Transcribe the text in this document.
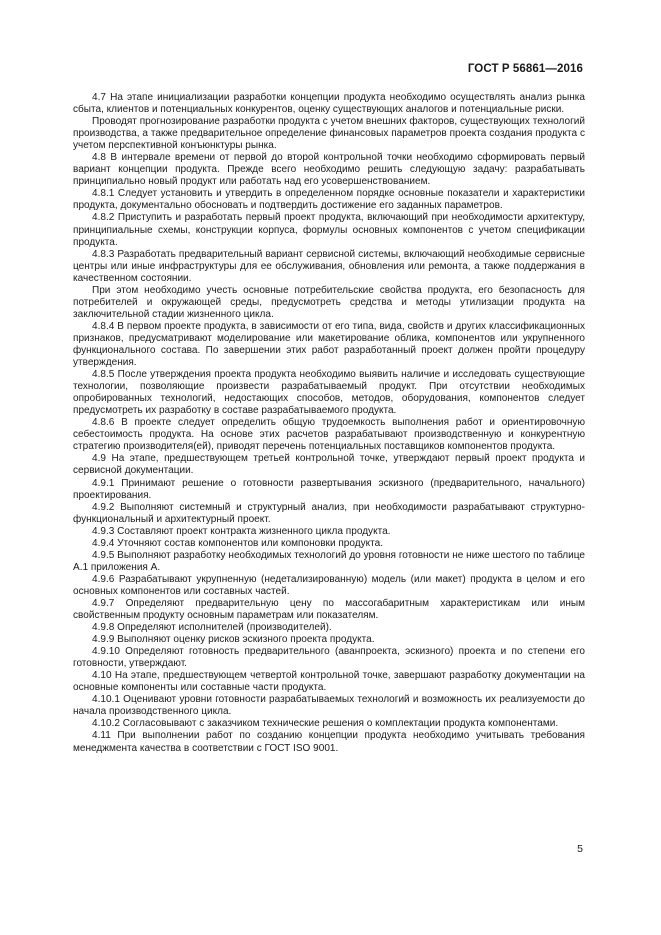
ГОСТ Р 56861—2016

4.7 На этапе инициализации разработки концепции продукта необходимо осуществлять анализ рынка сбыта, клиентов и потенциальных конкурентов, оценку существующих аналогов и потенциальные риски.

Проводят прогнозирование разработки продукта с учетом внешних факторов, существующих технологий производства, а также предварительное определение финансовых параметров проекта создания продукта с учетом перспективной конъюнктуры рынка.

4.8 В интервале времени от первой до второй контрольной точки необходимо сформировать первый вариант концепции продукта. Прежде всего необходимо решить следующую задачу: разрабатывать принципиально новый продукт или работать над его усовершенствованием.

4.8.1 Следует установить и утвердить в определенном порядке основные показатели и характеристики продукта, документально обосновать и подтвердить достижение его заданных параметров.

4.8.2 Приступить и разработать первый проект продукта, включающий при необходимости архитектуру, принципиальные схемы, конструкции корпуса, формулы основных компонентов с учетом спецификации продукта.

4.8.3 Разработать предварительный вариант сервисной системы, включающий необходимые сервисные центры или иные инфраструктуры для ее обслуживания, обновления или ремонта, а также поддержания в качественном состоянии.

При этом необходимо учесть основные потребительские свойства продукта, его безопасность для потребителей и окружающей среды, предусмотреть средства и методы утилизации продукта на заключительной стадии жизненного цикла.

4.8.4 В первом проекте продукта, в зависимости от его типа, вида, свойств и других классификационных признаков, предусматривают моделирование или макетирование облика, компонентов или укрупненного функционального состава. По завершении этих работ разработанный проект должен пройти процедуру утверждения.

4.8.5 После утверждения проекта продукта необходимо выявить наличие и исследовать существующие технологии, позволяющие произвести разрабатываемый продукт. При отсутствии необходимых опробированных технологий, недостающих способов, методов, оборудования, компонентов следует предусмотреть их разработку в составе разрабатываемого продукта.

4.8.6 В проекте следует определить общую трудоемкость выполнения работ и ориентировочную себестоимость продукта. На основе этих расчетов разрабатывают производственную и конкурентную стратегию производителя(ей), приводят перечень потенциальных поставщиков компонентов продукта.

4.9 На этапе, предшествующем третьей контрольной точке, утверждают первый проект продукта и сервисной документации.

4.9.1 Принимают решение о готовности развертывания эскизного (предварительного, начального) проектирования.

4.9.2 Выполняют системный и структурный анализ, при необходимости разрабатывают структурно-функциональный и архитектурный проект.

4.9.3 Составляют проект контракта жизненного цикла продукта.

4.9.4 Уточняют состав компонентов или компоновки продукта.

4.9.5 Выполняют разработку необходимых технологий до уровня готовности не ниже шестого по таблице А.1 приложения А.

4.9.6 Разрабатывают укрупненную (недетализированную) модель (или макет) продукта в целом и его основных компонентов или составных частей.

4.9.7 Определяют предварительную цену по массогабаритным характеристикам или иным свойственным продукту основным параметрам или показателям.

4.9.8 Определяют исполнителей (производителей).

4.9.9 Выполняют оценку рисков эскизного проекта продукта.

4.9.10 Определяют готовность предварительного (аванпроекта, эскизного) проекта и по степени его готовности, утверждают.

4.10 На этапе, предшествующем четвертой контрольной точке, завершают разработку документации на основные компоненты или составные части продукта.

4.10.1 Оценивают уровни готовности разрабатываемых технологий и возможность их реализуемости до начала производственного цикла.

4.10.2 Согласовывают с заказчиком технические решения о комплектации продукта компонентами.

4.11 При выполнении работ по созданию концепции продукта необходимо учитывать требования менеджмента качества в соответствии с ГОСТ ISO 9001.

5
